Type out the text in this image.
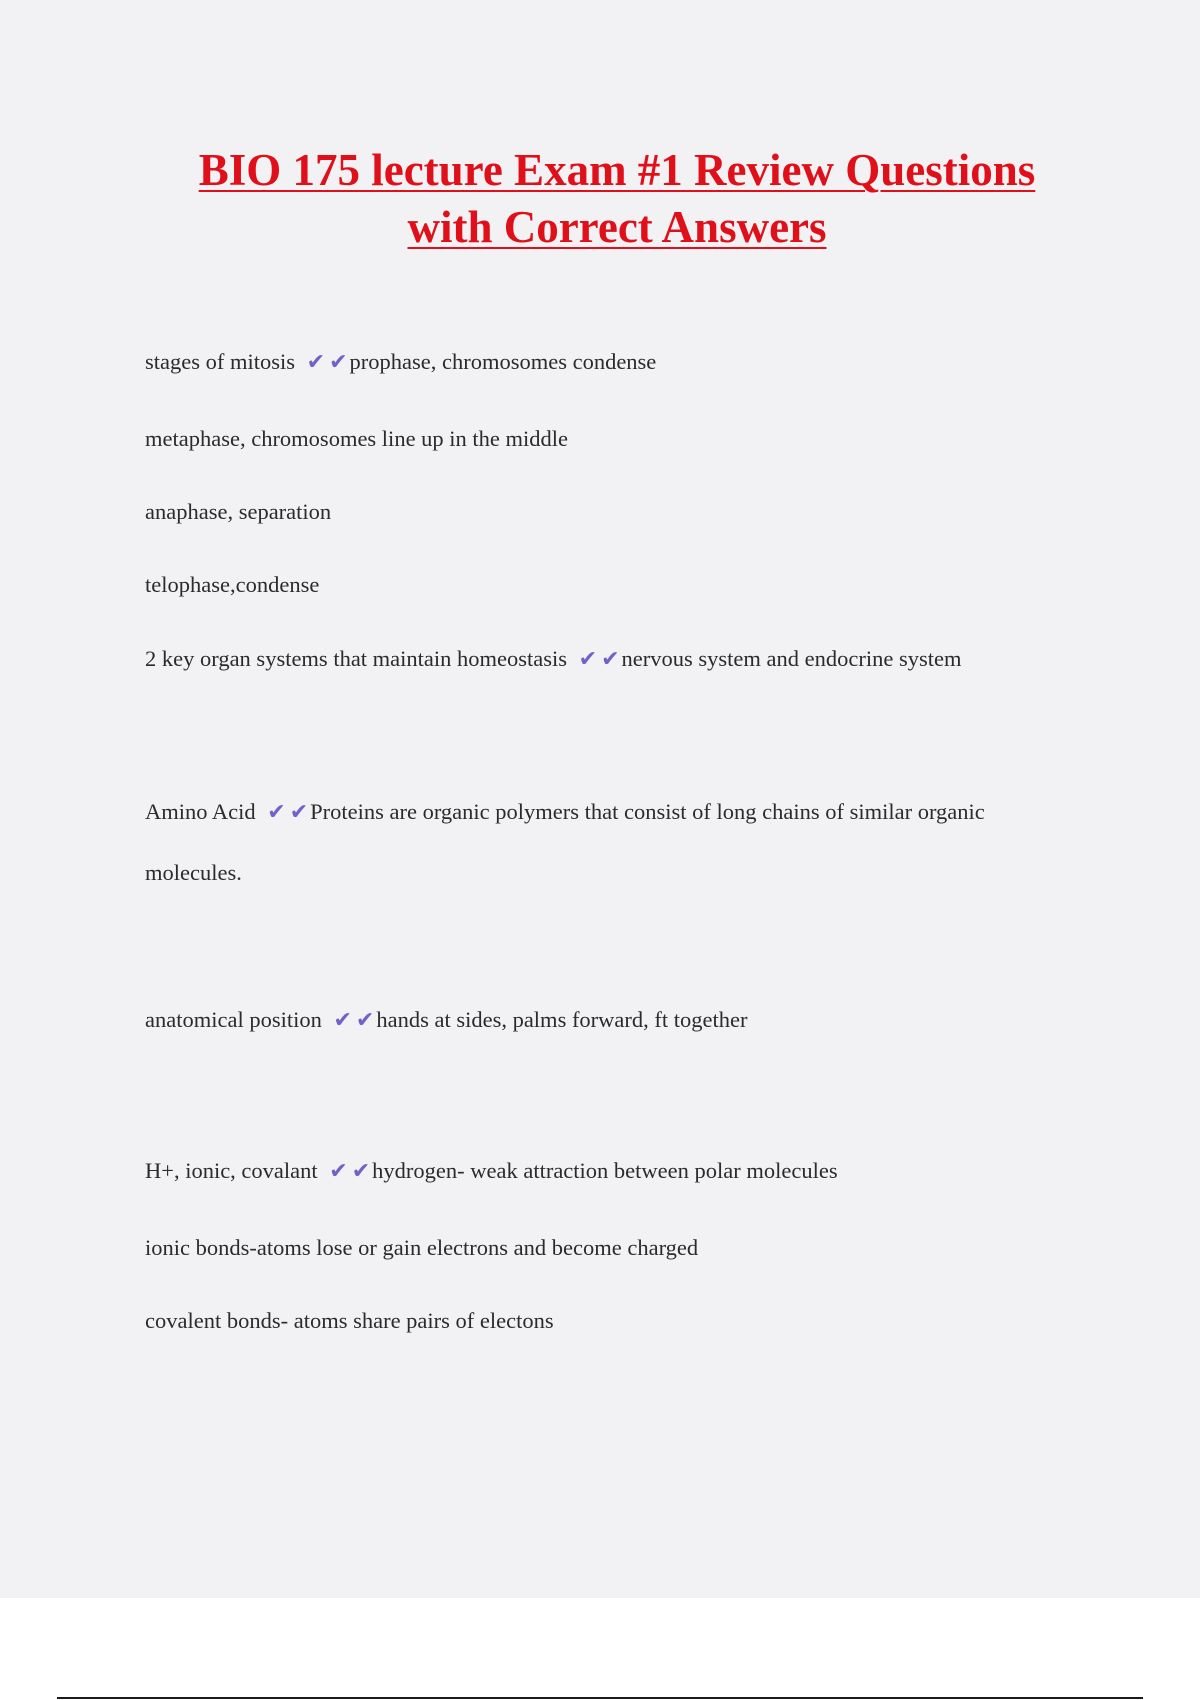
BIO 175 lecture Exam #1 Review Questions
with Correct Answers

stages of mitosis ✔ ✔prophase, chromosomes condense

metaphase, chromosomes line up in the middle

anaphase, separation

telophase,condense

2 key organ systems that maintain homeostasis ✔ ✔nervous system and endocrine system

Amino Acid ✔ ✔Proteins are organic polymers that consist of long chains of similar organic

molecules.

anatomical position ✔ ✔hands at sides, palms forward, ft together

H+, ionic, covalant ✔ ✔hydrogen- weak attraction between polar molecules

ionic bonds-atoms lose or gain electrons and become charged

covalent bonds- atoms share pairs of electons
